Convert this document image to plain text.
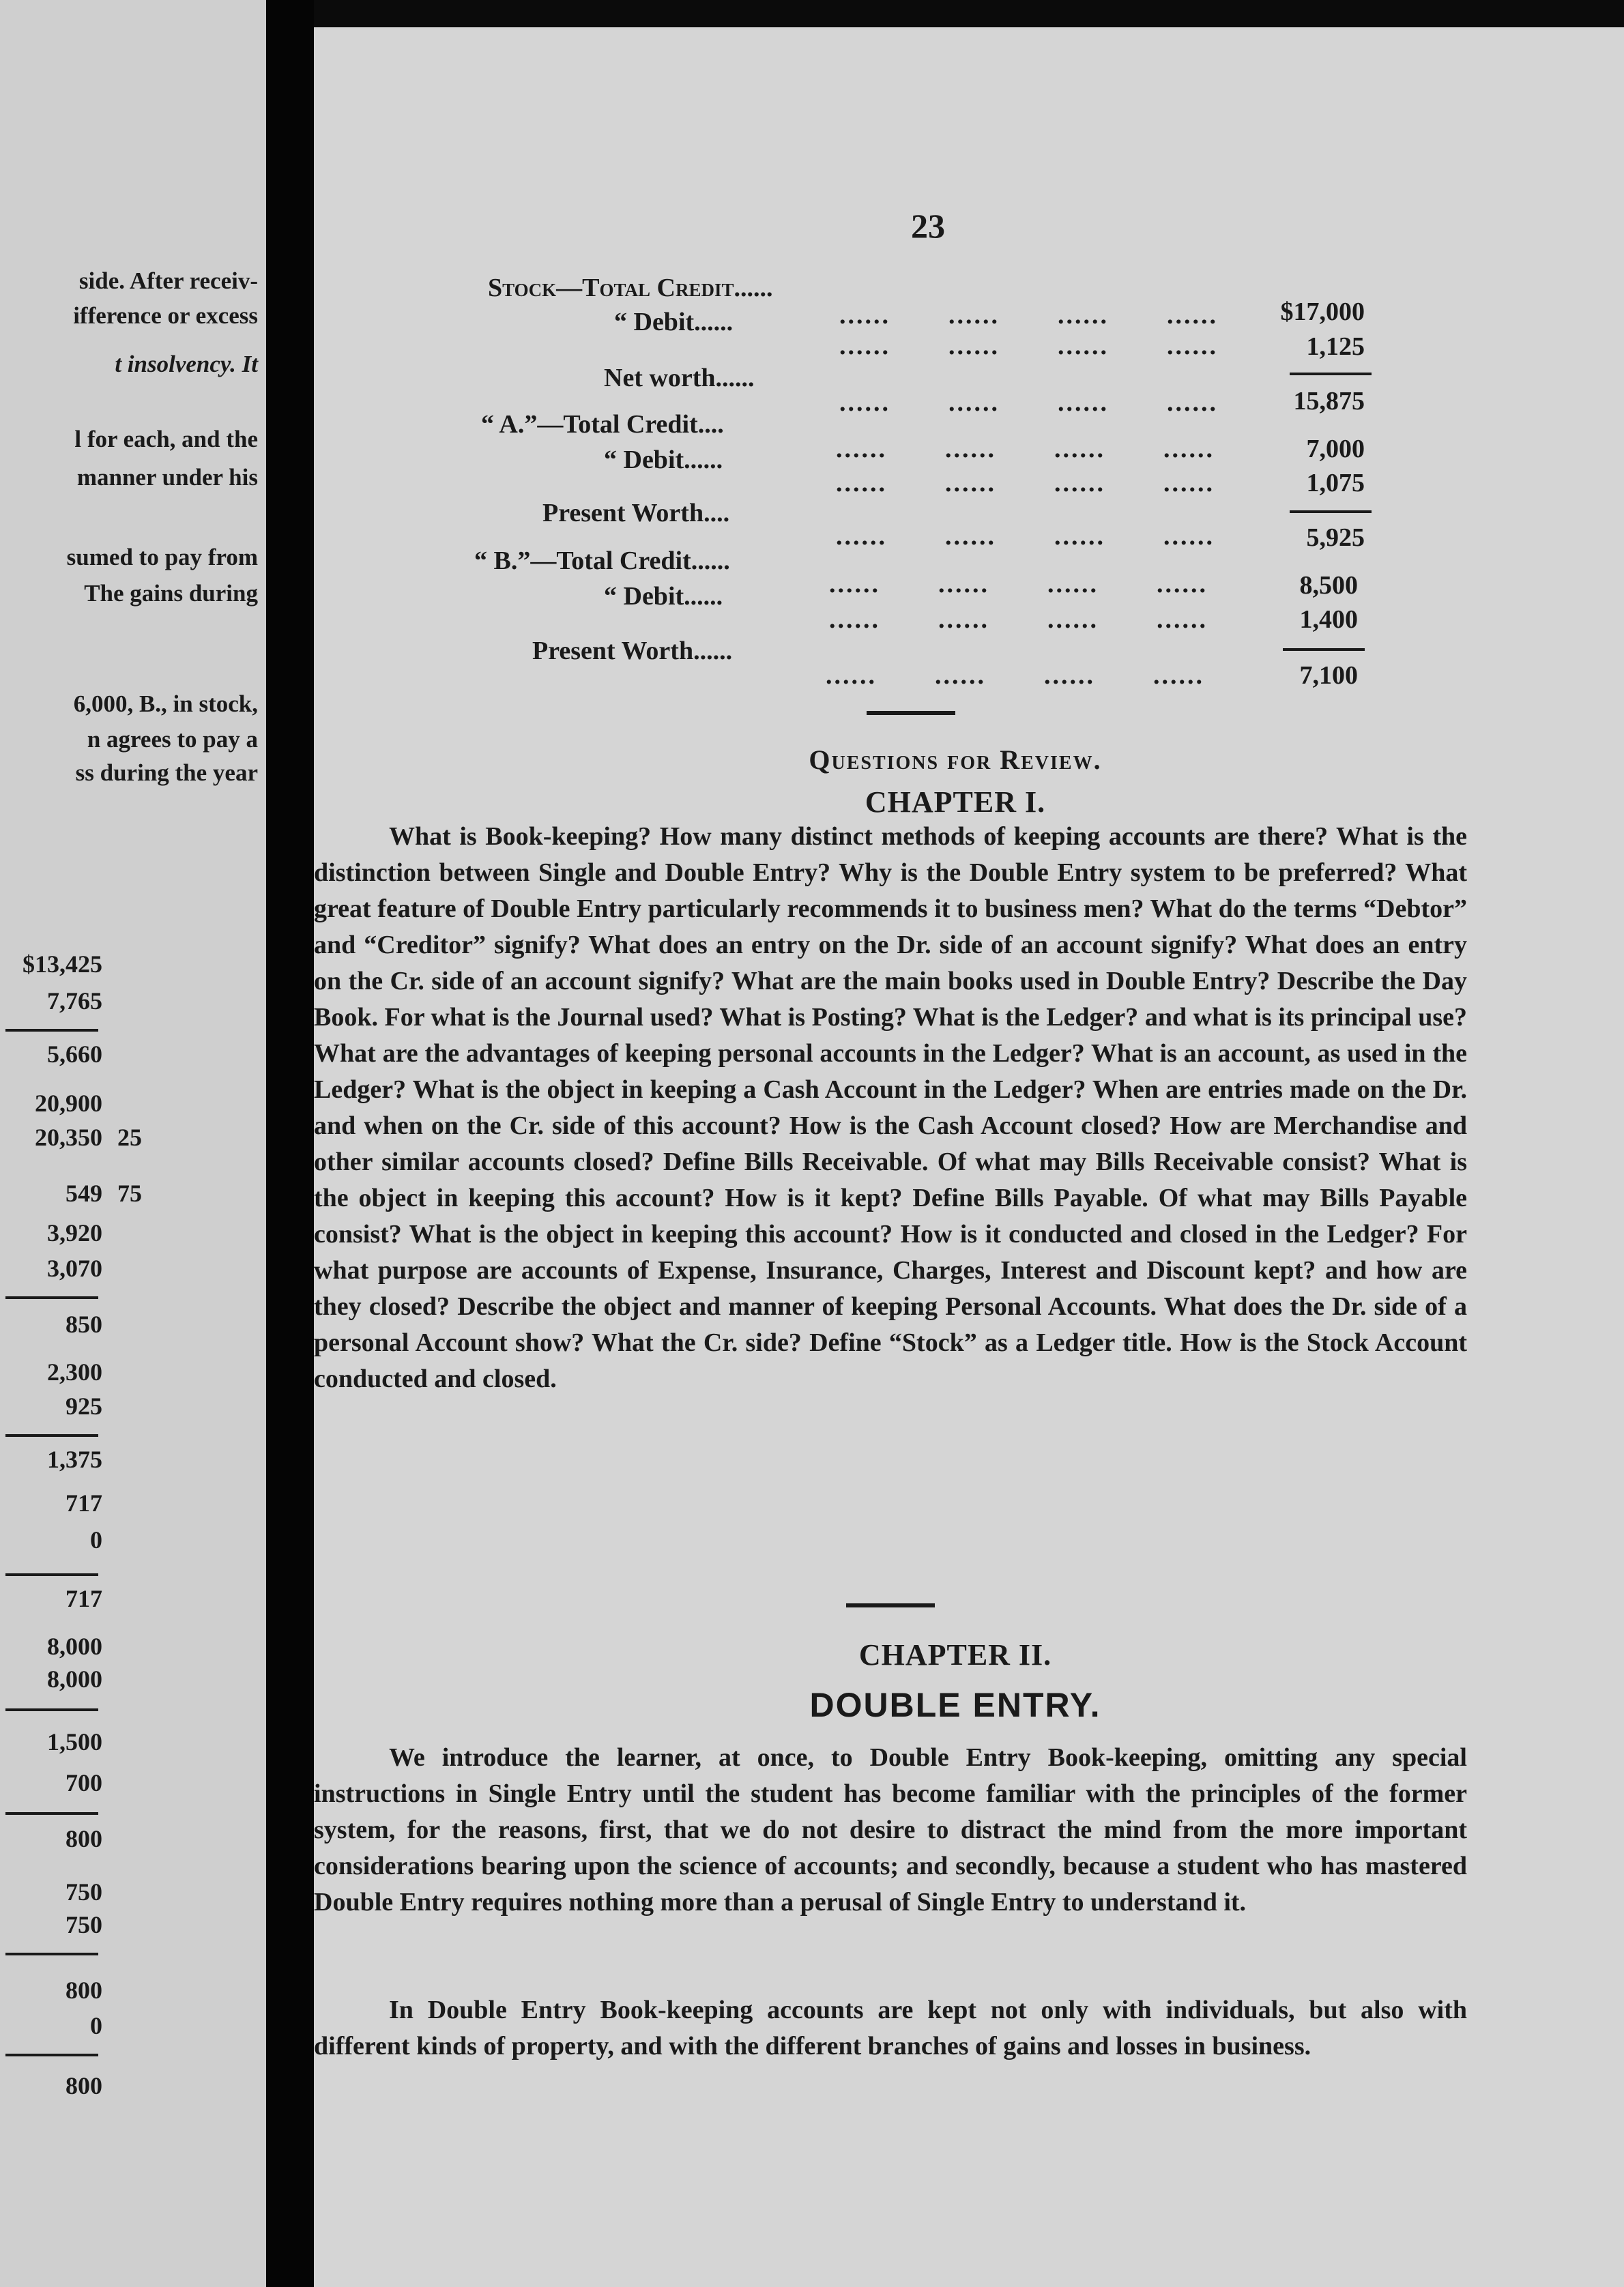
side. After receiv-
ifference or excess
t insolvency. It
l for each, and the
manner under his
sumed to pay from
The gains during
6,000, B., in stock,
n agrees to pay a
ss during the year
$13,425
7,765
5,660
20,900
20,350 25
549 75
3,920
3,070
850
2,300
925
1,375
717
0
717
8,000
8,000
1,500
700
800
750
750
800
0
800
23
Stock—Total Credit......
“ Debit......
Net worth......
“ A.”—Total Credit....
“ Debit......
Present Worth....
“ B.”—Total Credit......
“ Debit......
Present Worth......
...... ...... ...... ......
...... ...... ...... ......
...... ...... ...... ......
...... ...... ...... ......
...... ...... ...... ......
...... ...... ...... ......
...... ...... ...... ......
...... ...... ...... ......
...... ...... ...... ......
$17,000
1,125
15,875
7,000
1,075
5,925
8,500
1,400
7,100
Questions for Review.
CHAPTER I.
What is Book-keeping? How many distinct methods of keeping accounts are there? What is the distinction between Single and Double Entry? Why is the Double Entry system to be preferred? What great feature of Double Entry particularly recommends it to business men? What do the terms “Debtor” and “Creditor” signify? What does an entry on the Dr. side of an account signify? What does an entry on the Cr. side of an account signify? What are the main books used in Double Entry? Describe the Day Book. For what is the Journal used? What is Posting? What is the Ledger? and what is its principal use? What are the advantages of keeping personal accounts in the Ledger? What is an account, as used in the Ledger? What is the object in keeping a Cash Account in the Ledger? When are entries made on the Dr. and when on the Cr. side of this account? How is the Cash Account closed? How are Merchandise and other similar accounts closed? Define Bills Receivable. Of what may Bills Receivable consist? What is the object in keeping this account? How is it kept? Define Bills Payable. Of what may Bills Payable consist? What is the object in keeping this account? How is it conducted and closed in the Ledger? For what purpose are accounts of Expense, Insurance, Charges, Interest and Discount kept? and how are they closed? Describe the object and manner of keeping Personal Accounts. What does the Dr. side of a personal Account show? What the Cr. side? Define “Stock” as a Ledger title. How is the Stock Account conducted and closed.
CHAPTER II.
DOUBLE ENTRY.
We introduce the learner, at once, to Double Entry Book-keeping, omitting any special instructions in Single Entry until the student has become familiar with the principles of the former system, for the reasons, first, that we do not desire to distract the mind from the more important considerations bearing upon the science of accounts; and secondly, because a student who has mastered Double Entry requires nothing more than a perusal of Single Entry to understand it.
In Double Entry Book-keeping accounts are kept not only with individuals, but also with different kinds of property, and with the different branches of gains and losses in business.
